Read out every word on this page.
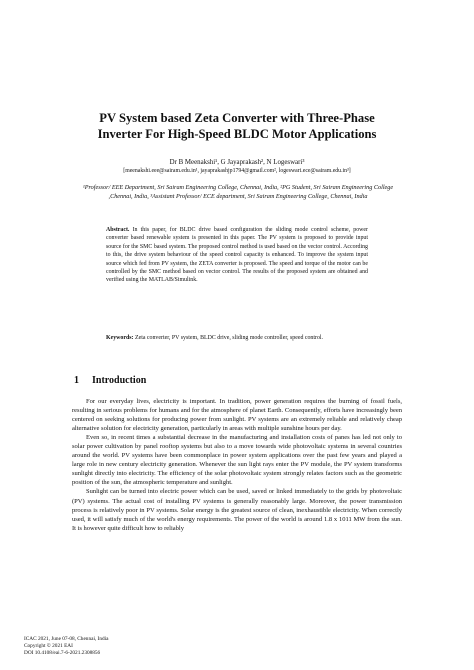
PV System based Zeta Converter with Three-Phase
Inverter For High-Speed BLDC Motor Applications
Dr B Meenakshi¹, G Jayaprakash², N Logeswari³
[meenakshi.eee@sairam.edu.in¹, jayaprakashjp1794@gmail.com², logeswari.ece@sairam.edu.in³]
¹Professor/ EEE Department, Sri Sairam Engineering College, Chennai, India, ²PG Student, Sri Sairam Engineering College ,Chennai, India, ³Assistant Professor/ ECE department, Sri Sairam Engineering College, Chennai, India
Abstract. In this paper, for BLDC drive based configuration the sliding mode control scheme, power converter based renewable system is presented in this paper. The PV system is proposed to provide input source for the SMC based system. The proposed control method is used based on the vector control. According to this, the drive system behaviour of the speed control capacity is enhanced. To improve the system input source which fed from PV system, the ZETA converter is proposed. The speed and torque of the motor can be controlled by the SMC method based on vector control. The results of the proposed system are obtained and verified using the MATLAB/Simulink.
Keywords: Zeta converter, PV system, BLDC drive, sliding mode controller, speed control.
1 Introduction

For our everyday lives, electricity is important. In tradition, power generation requires the burning of fossil fuels, resulting in serious problems for humans and for the atmosphere of planet Earth. Consequently, efforts have increasingly been centered on seeking solutions for producing power from sunlight. PV systems are an extremely reliable and relatively cheap alternative solution for electricity generation, particularly in areas with multiple sunshine hours per day.

Even so, in recent times a substantial decrease in the manufacturing and installation costs of panes has led not only to solar power cultivation by panel rooftop systems but also to a move towards wide photovoltaic systems in several countries around the world. PV systems have been commonplace in power system applications over the past few years and played a large role in new century electricity generation. Whenever the sun light rays enter the PV module, the PV system transforms sunlight directly into electricity. The efficiency of the solar photovoltaic system strongly relates factors such as the geometric position of the sun, the atmospheric temperature and sunlight.

Sunlight can be turned into electric power which can be used, saved or linked immediately to the grids by photovoltaic (PV) systems. The actual cost of installing PV systems is generally reasonably large. Moreover, the power transmission process is relatively poor in PV systems. Solar energy is the greatest source of clean, inexhaustible electricity. When correctly used, it will satisfy much of the world's energy requirements. The power of the world is around 1.8 x 1011 MW from the sun. It is however quite difficult how to reliably

ICAC 2021, June 07-08, Chennai, India
Copyright © 2021 EAI
DOI 10.4108/eai.7-6-2021.2308856
